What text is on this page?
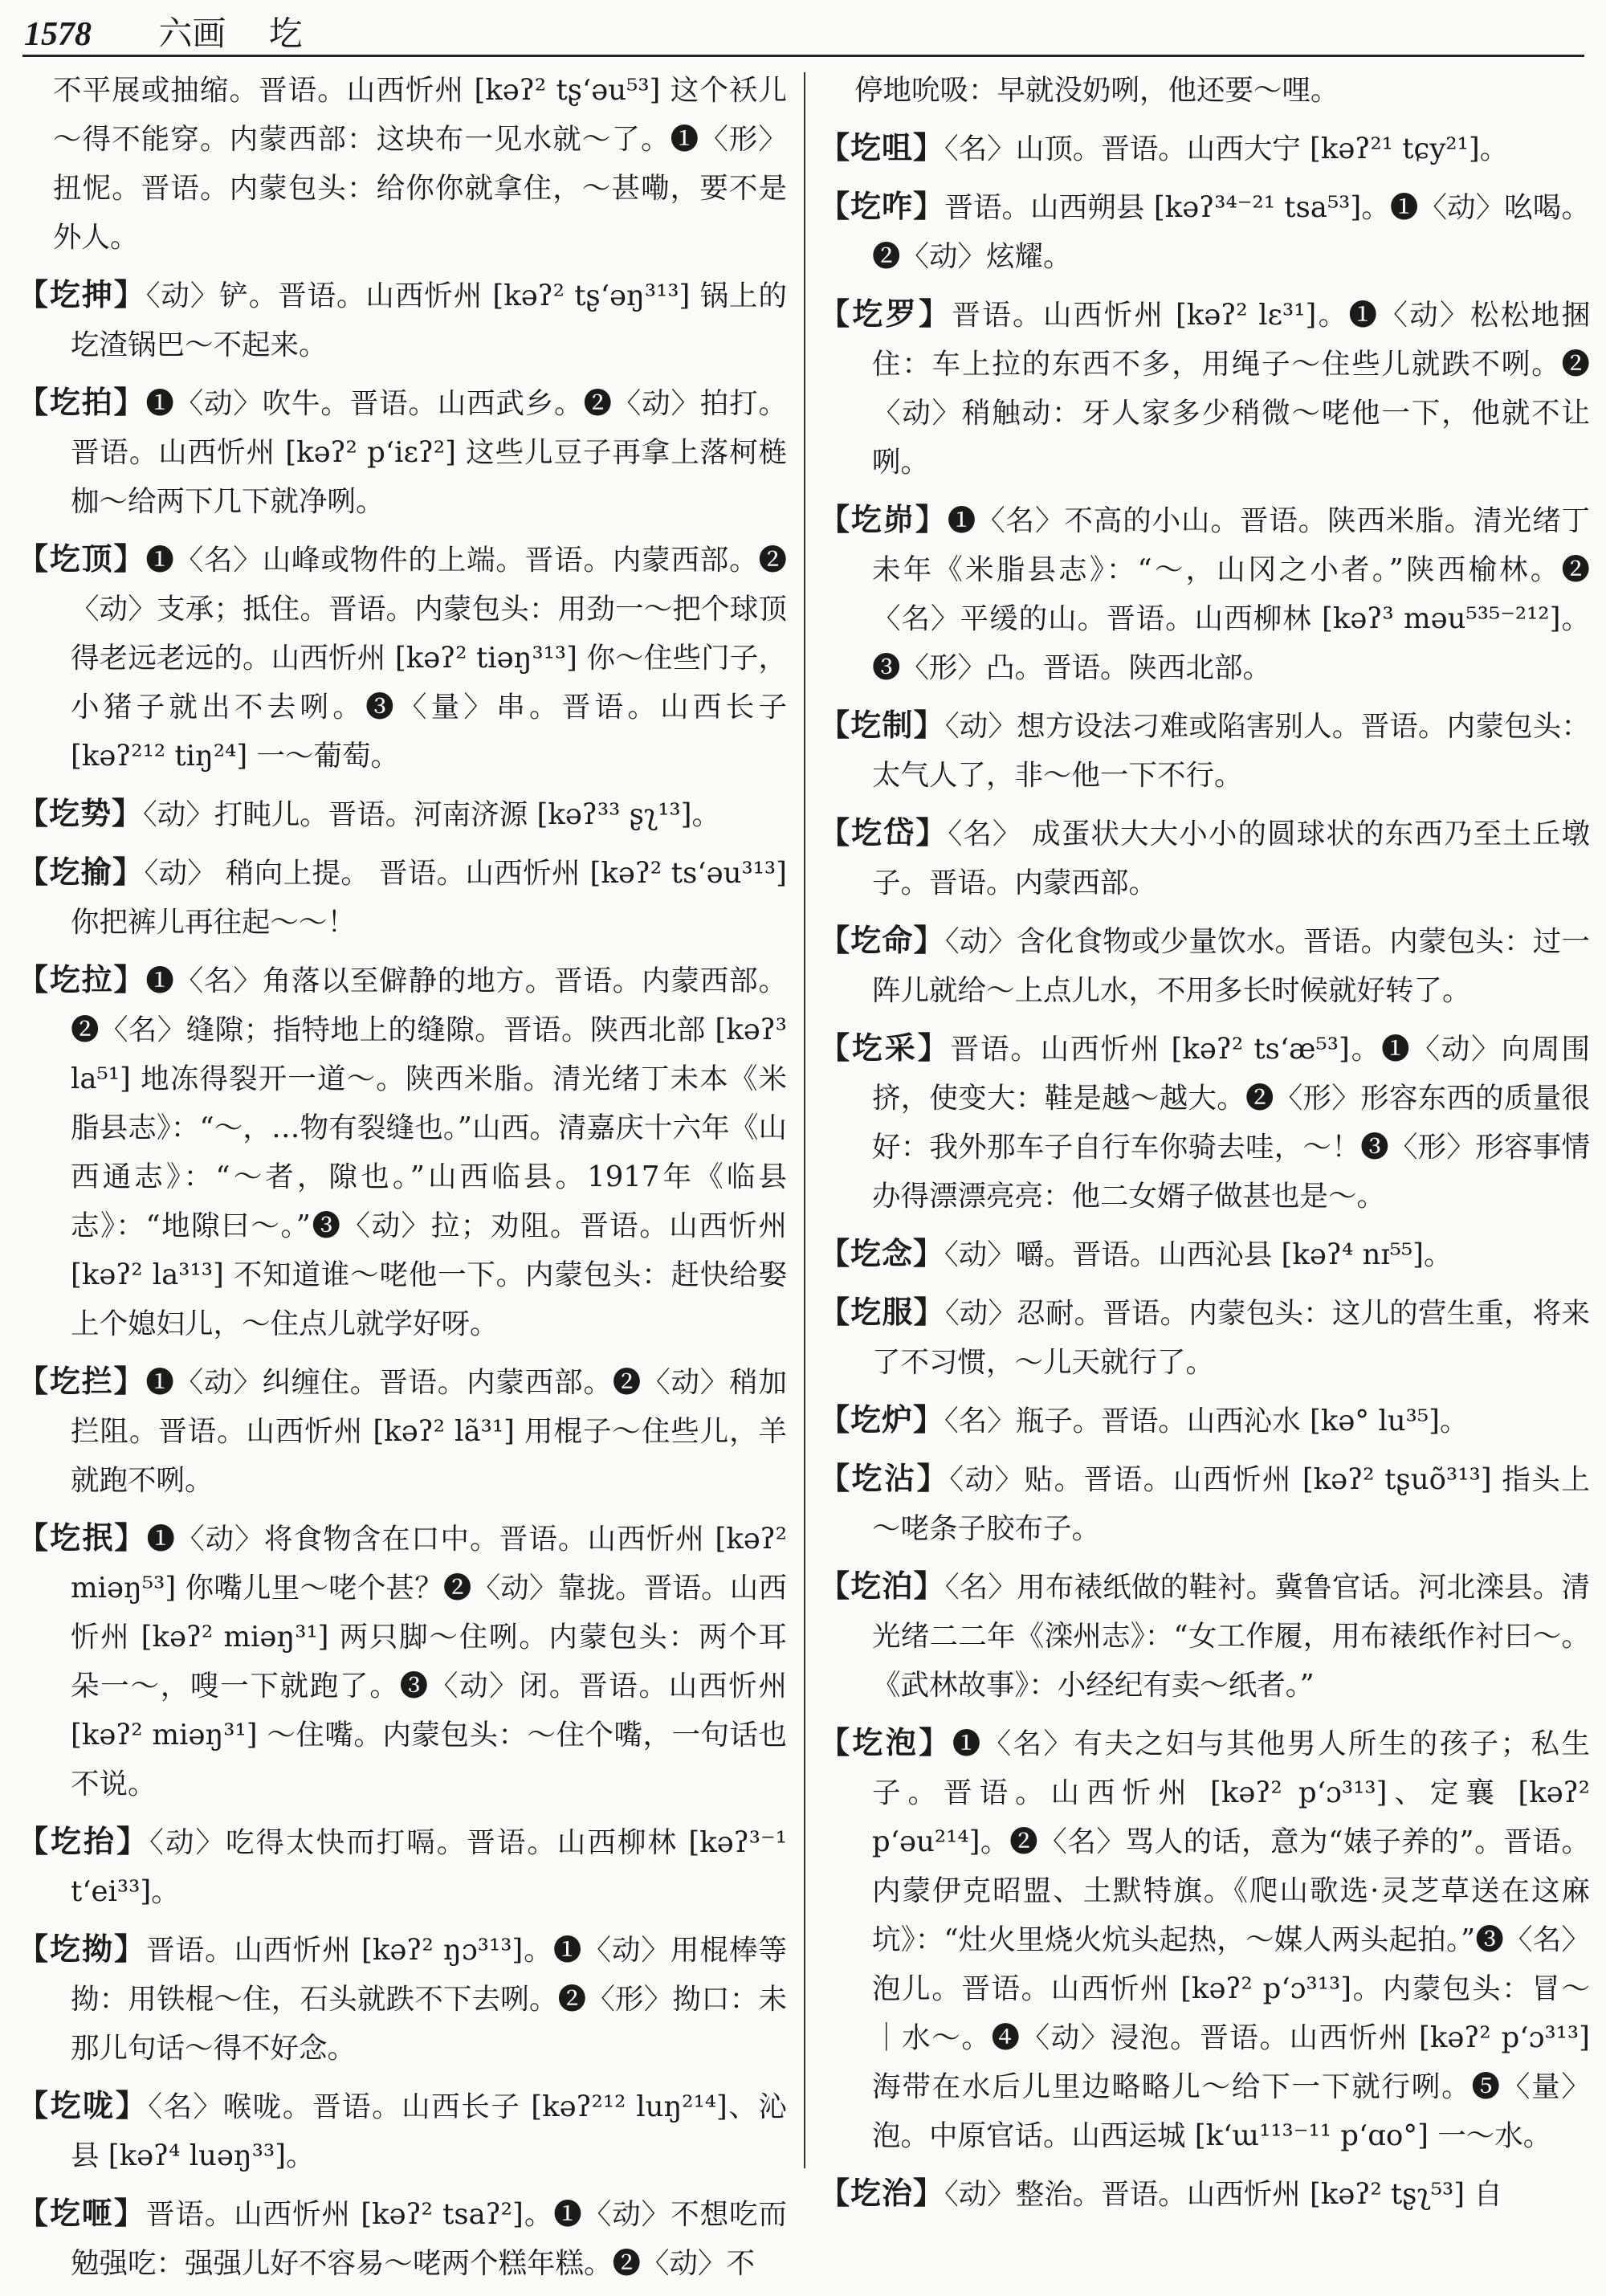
1578 六画 圪

不平展或抽缩。晋语。山西忻州 [kəʔ² tʂʻəu⁵³] 这个袄儿～得不能穿。内蒙西部：这块布一见水就～了。❶〈形〉扭怩。晋语。内蒙包头：给你你就拿住，～甚嘞，要不是外人。

【圪抻】〈动〉铲。晋语。山西忻州 [kəʔ² tʂʻəŋ³¹³] 锅上的圪渣锅巴～不起来。

【圪拍】❶〈动〉吹牛。晋语。山西武乡。❷〈动〉拍打。晋语。山西忻州 [kəʔ² pʻiɛʔ²] 这些儿豆子再拿上落柯梿枷～给两下几下就净咧。

【圪顶】❶〈名〉山峰或物件的上端。晋语。内蒙西部。❷〈动〉支承；抵住。晋语。内蒙包头：用劲一～把个球顶得老远老远的。山西忻州 [kəʔ² tiəŋ³¹³] 你～住些门子，小猪子就出不去咧。❸〈量〉串。晋语。山西长子 [kəʔ²¹² tiŋ²⁴] 一～葡萄。

【圪势】〈动〉打盹儿。晋语。河南济源 [kəʔ³³ ʂʅ¹³]。

【圪揄】〈动〉 稍向上提。 晋语。山西忻州 [kəʔ² tsʻəu³¹³] 你把裤儿再往起～～！

【圪拉】❶〈名〉角落以至僻静的地方。晋语。内蒙西部。❷〈名〉缝隙；指特地上的缝隙。晋语。陕西北部 [kəʔ³ la⁵¹] 地冻得裂开一道～。陕西米脂。清光绪丁未本《米脂县志》：“～，…物有裂缝也。”山西。清嘉庆十六年《山西通志》：“～者，隙也。”山西临县。1917年《临县志》：“地隙曰～。”❸〈动〉拉；劝阻。晋语。山西忻州 [kəʔ² la³¹³] 不知道谁～咾他一下。内蒙包头：赶快给娶上个媳妇儿，～住点儿就学好呀。

【圪拦】❶〈动〉纠缠住。晋语。内蒙西部。❷〈动〉稍加拦阻。晋语。山西忻州 [kəʔ² lã³¹] 用棍子～住些儿，羊就跑不咧。

【圪抿】❶〈动〉将食物含在口中。晋语。山西忻州 [kəʔ² miəŋ⁵³] 你嘴儿里～咾个甚？❷〈动〉靠拢。晋语。山西忻州 [kəʔ² miəŋ³¹] 两只脚～住咧。内蒙包头：两个耳朵一～，嗖一下就跑了。❸〈动〉闭。晋语。山西忻州 [kəʔ² miəŋ³¹] ～住嘴。内蒙包头：～住个嘴，一句话也不说。

【圪抬】〈动〉吃得太快而打嗝。晋语。山西柳林 [kəʔ³⁻¹ tʻei³³]。

【圪拗】晋语。山西忻州 [kəʔ² ŋɔ³¹³]。❶〈动〉用棍棒等拗：用铁棍～住，石头就跌不下去咧。❷〈形〉拗口：未那儿句话～得不好念。

【圪咙】〈名〉喉咙。晋语。山西长子 [kəʔ²¹² luŋ²¹⁴]、沁县 [kəʔ⁴ luəŋ³³]。

【圪咂】晋语。山西忻州 [kəʔ² tsaʔ²]。❶〈动〉不想吃而勉强吃：强强儿好不容易～咾两个糕年糕。❷〈动〉不

停地吮吸：早就没奶咧，他还要～哩。

【圪咀】〈名〉山顶。晋语。山西大宁 [kəʔ²¹ tɕy²¹]。

【圪咋】晋语。山西朔县 [kəʔ³⁴⁻²¹ tsa⁵³]。❶〈动〉吆喝。❷〈动〉炫耀。

【圪罗】晋语。山西忻州 [kəʔ² lɛ³¹]。❶〈动〉松松地捆住：车上拉的东西不多，用绳子～住些儿就跌不咧。❷〈动〉稍触动：牙人家多少稍微～咾他一下，他就不让咧。

【圪峁】❶〈名〉不高的小山。晋语。陕西米脂。清光绪丁未年《米脂县志》：“～，山冈之小者。”陕西榆林。❷〈名〉平缓的山。晋语。山西柳林 [kəʔ³ məu⁵³⁵⁻²¹²]。❸〈形〉凸。晋语。陕西北部。

【圪制】〈动〉想方设法刁难或陷害别人。晋语。内蒙包头：太气人了，非～他一下不行。

【圪岱】〈名〉 成蛋状大大小小的圆球状的东西乃至土丘墩子。晋语。内蒙西部。

【圪命】〈动〉含化食物或少量饮水。晋语。内蒙包头：过一阵儿就给～上点儿水，不用多长时候就好转了。

【圪采】晋语。山西忻州 [kəʔ² tsʻæ⁵³]。❶〈动〉向周围挤，使变大：鞋是越～越大。❷〈形〉形容东西的质量很好：我外那车子自行车你骑去哇，～！❸〈形〉形容事情办得漂漂亮亮：他二女婿子做甚也是～。

【圪念】〈动〉嚼。晋语。山西沁县 [kəʔ⁴ nɪ⁵⁵]。

【圪服】〈动〉忍耐。晋语。内蒙包头：这儿的营生重，将来了不习惯，～儿天就行了。

【圪炉】〈名〉瓶子。晋语。山西沁水 [kə° lu³⁵]。

【圪沾】〈动〉贴。晋语。山西忻州 [kəʔ² tʂuõ³¹³] 指头上～咾条子胶布子。

【圪泊】〈名〉用布裱纸做的鞋衬。冀鲁官话。河北滦县。清光绪二二年《滦州志》：“女工作履，用布裱纸作衬曰～。《武林故事》：小经纪有卖～纸者。”

【圪泡】❶〈名〉有夫之妇与其他男人所生的孩子；私生子。晋语。山西忻州 [kəʔ² pʻɔ³¹³]、定襄 [kəʔ² pʻəu²¹⁴]。❷〈名〉骂人的话，意为“婊子养的”。晋语。内蒙伊克昭盟、土默特旗。《爬山歌选·灵芝草送在这麻坑》：“灶火里烧火炕头起热，～媒人两头起拍。”❸〈名〉泡儿。晋语。山西忻州 [kəʔ² pʻɔ³¹³]。内蒙包头：冒～｜水～。❹〈动〉浸泡。晋语。山西忻州 [kəʔ² pʻɔ³¹³] 海带在水后儿里边略略儿～给下一下就行咧。❺〈量〉泡。中原官话。山西运城 [kʻɯ¹¹³⁻¹¹ pʻɑo°] 一～水。

【圪治】〈动〉整治。晋语。山西忻州 [kəʔ² tʂʅ⁵³] 自
